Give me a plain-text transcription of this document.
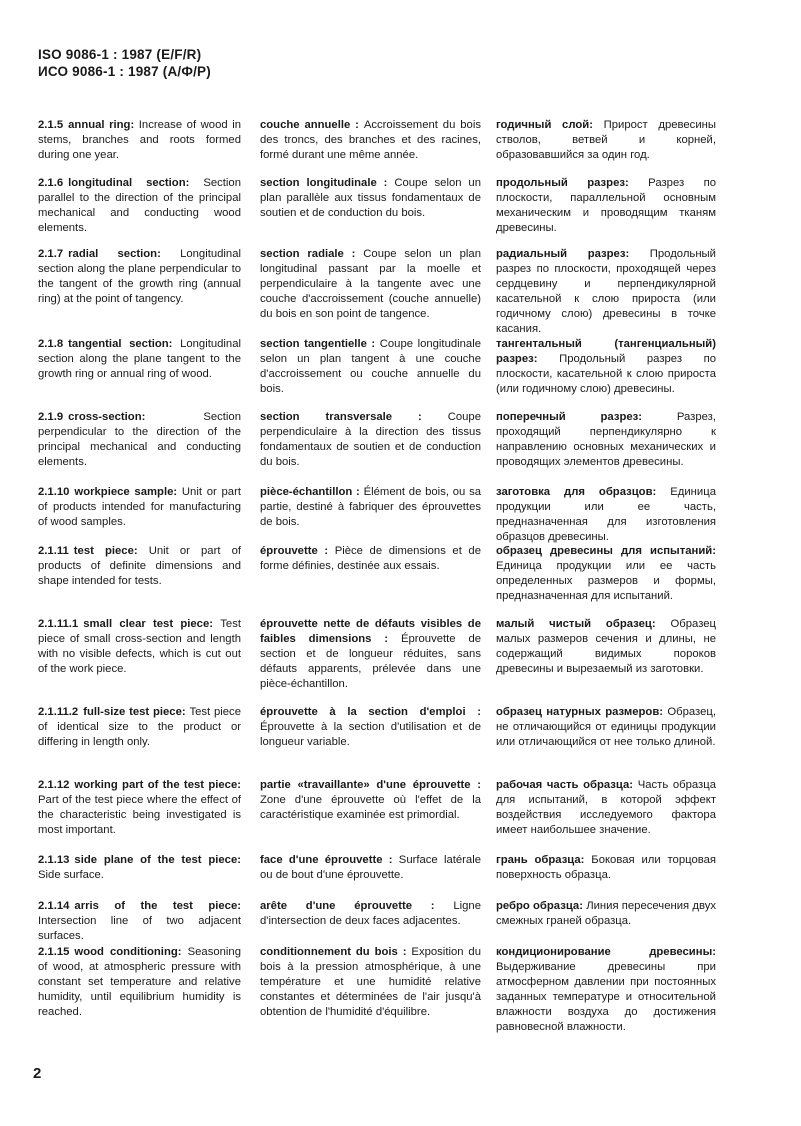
ISO 9086-1 : 1987 (E/F/R)
ИСО 9086-1 : 1987 (А/Ф/Р)
2.1.5 annual ring: Increase of wood in stems, branches and roots formed during one year.
couche annuelle : Accroissement du bois des troncs, des branches et des racines, formé durant une même année.
годичный слой: Прирост древесины стволов, ветвей и корней, образовавшийся за один год.
2.1.6 longitudinal section: Section parallel to the direction of the principal mechanical and conducting wood elements.
section longitudinale : Coupe selon un plan parallèle aux tissus fondamentaux de soutien et de conduction du bois.
продольный разрез: Разрез по плоскости, параллельной основным механическим и проводящим тканям древесины.
2.1.7 radial section: Longitudinal section along the plane perpendicular to the tangent of the growth ring (annual ring) at the point of tangency.
section radiale : Coupe selon un plan longitudinal passant par la moelle et perpendiculaire à la tangente avec une couche d'accroissement (couche annuelle) du bois en son point de tangence.
радиальный разрез: Продольный разрез по плоскости, проходящей через сердцевину и перпендикулярной касательной к слою прироста (или годичному слою) древесины в точке касания.
2.1.8 tangential section: Longitudinal section along the plane tangent to the growth ring or annual ring of wood.
section tangentielle : Coupe longitudinale selon un plan tangent à une couche d'accroissement ou couche annuelle du bois.
тангентальный (тангенциальный) разрез: Продольный разрез по плоскости, касательной к слою прироста (или годичному слою) древесины.
2.1.9 cross-section: Section perpendicular to the direction of the principal mechanical and conducting elements.
section transversale : Coupe perpendiculaire à la direction des tissus fondamentaux de soutien et de conduction du bois.
поперечный разрез: Разрез, проходящий перпендикулярно к направлению основных механических и проводящих элементов древесины.
2.1.10 workpiece sample: Unit or part of products intended for manufacturing of wood samples.
pièce-échantillon : Élément de bois, ou sa partie, destiné à fabriquer des éprouvettes de bois.
заготовка для образцов: Единица продукции или ее часть, предназначенная для изготовления образцов древесины.
2.1.11 test piece: Unit or part of products of definite dimensions and shape intended for tests.
éprouvette : Pièce de dimensions et de forme définies, destinée aux essais.
образец древесины для испытаний: Единица продукции или ее часть определенных размеров и формы, предназначенная для испытаний.
2.1.11.1 small clear test piece: Test piece of small cross-section and length with no visible defects, which is cut out of the work piece.
éprouvette nette de défauts visibles de faibles dimensions : Éprouvette de section et de longueur réduites, sans défauts apparents, prélevée dans une pièce-échantillon.
малый чистый образец: Образец малых размеров сечения и длины, не содержащий видимых пороков древесины и вырезаемый из заготовки.
2.1.11.2 full-size test piece: Test piece of identical size to the product or differing in length only.
éprouvette à la section d'emploi : Éprouvette à la section d'utilisation et de longueur variable.
образец натурных размеров: Образец, не отличающийся от единицы продукции или отличающийся от нее только длиной.
2.1.12 working part of the test piece: Part of the test piece where the effect of the characteristic being investigated is most important.
partie «travaillante» d'une éprouvette : Zone d'une éprouvette où l'effet de la caractéristique examinée est primordial.
рабочая часть образца: Часть образца для испытаний, в которой эффект воздействия исследуемого фактора имеет наибольшее значение.
2.1.13 side plane of the test piece: Side surface.
face d'une éprouvette : Surface latérale ou de bout d'une éprouvette.
грань образца: Боковая или торцовая поверхность образца.
2.1.14 arris of the test piece: Intersection line of two adjacent surfaces.
arête d'une éprouvette : Ligne d'intersection de deux faces adjacentes.
ребро образца: Линия пересечения двух смежных граней образца.
2.1.15 wood conditioning: Seasoning of wood, at atmospheric pressure with constant set temperature and relative humidity, until equilibrium humidity is reached.
conditionnement du bois : Exposition du bois à la pression atmosphérique, à une température et une humidité relative constantes et déterminées de l'air jusqu'à obtention de l'humidité d'équilibre.
кондиционирование древесины: Выдерживание древесины при атмосферном давлении при постоянных заданных температуре и относительной влажности воздуха до достижения равновесной влажности.
2
